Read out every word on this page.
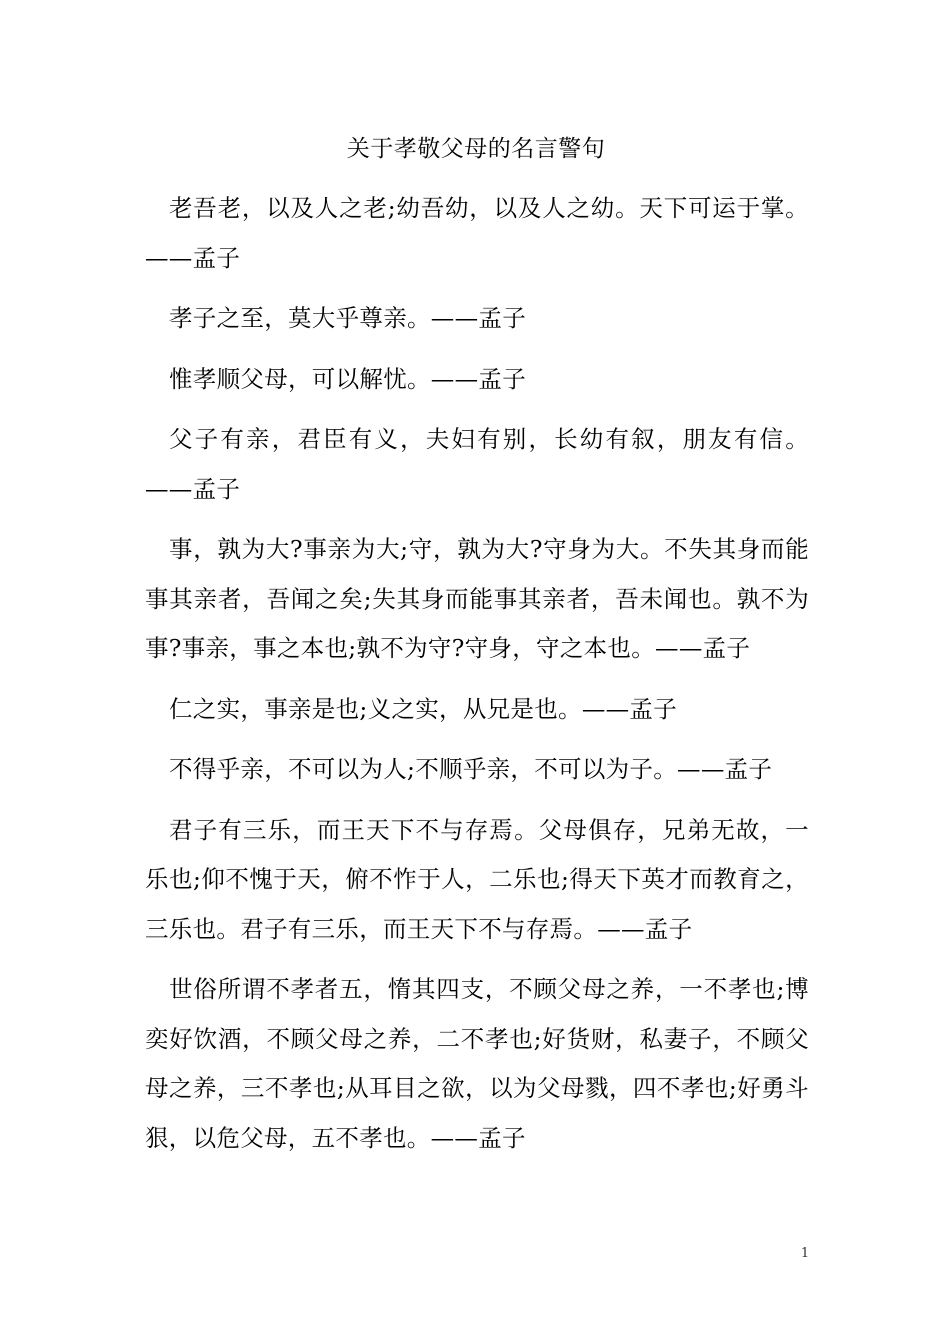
关于孝敬父母的名言警句

老吾老，以及人之老;幼吾幼，以及人之幼。天下可运于掌。——孟子

孝子之至，莫大乎尊亲。——孟子

惟孝顺父母，可以解忧。——孟子

父子有亲，君臣有义，夫妇有别，长幼有叙，朋友有信。——孟子

事，孰为大?事亲为大;守，孰为大?守身为大。不失其身而能事其亲者，吾闻之矣;失其身而能事其亲者，吾未闻也。孰不为事?事亲，事之本也;孰不为守?守身，守之本也。——孟子

仁之实，事亲是也;义之实，从兄是也。——孟子

不得乎亲，不可以为人;不顺乎亲，不可以为子。——孟子

君子有三乐，而王天下不与存焉。父母俱存，兄弟无故，一乐也;仰不愧于天，俯不怍于人，二乐也;得天下英才而教育之，三乐也。君子有三乐，而王天下不与存焉。——孟子

世俗所谓不孝者五，惰其四支，不顾父母之养，一不孝也;博奕好饮酒，不顾父母之养，二不孝也;好货财，私妻子，不顾父母之养，三不孝也;从耳目之欲，以为父母戮，四不孝也;好勇斗狠，以危父母，五不孝也。——孟子

1
